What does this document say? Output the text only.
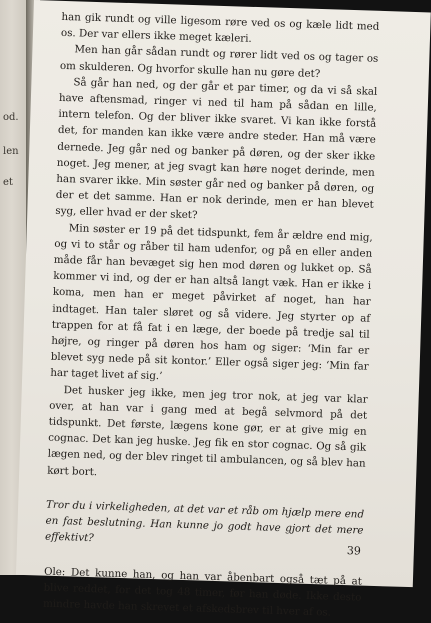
od.
len
et

han gik rundt og ville ligesom røre ved os og kæle lidt med os. Der var ellers ikke meget kæleri.

Men han går sådan rundt og rører lidt ved os og tager os om skulderen. Og hvorfor skulle han nu gøre det?

Så går han ned, og der går et par timer, og da vi så skal have aftensmad, ringer vi ned til ham på sådan en lille, intern telefon. Og der bliver ikke svaret. Vi kan ikke forstå det, for manden kan ikke være andre steder. Han må være dernede. Jeg går ned og banker på døren, og der sker ikke noget. Jeg mener, at jeg svagt kan høre noget derinde, men han svarer ikke. Min søster går ned og banker på døren, og der et det samme. Han er nok derinde, men er han blevet syg, eller hvad er der sket?

Min søster er 19 på det tidspunkt, fem år ældre end mig, og vi to står og råber til ham udenfor, og på en eller anden måde får han bevæget sig hen mod døren og lukket op. Så kommer vi ind, og der er han altså langt væk. Han er ikke i koma, men han er meget påvirket af noget, han har indtaget. Han taler sløret og så videre. Jeg styrter op af trappen for at få fat i en læge, der boede på tredje sal til højre, og ringer på døren hos ham og siger: ‘Min far er blevet syg nede på sit kontor.’ Eller også siger jeg: ‘Min far har taget livet af sig.’

Det husker jeg ikke, men jeg tror nok, at jeg var klar over, at han var i gang med at begå selvmord på det tidspunkt. Det første, lægens kone gør, er at give mig en cognac. Det kan jeg huske. Jeg fik en stor cognac. Og så gik lægen ned, og der blev ringet til ambulancen, og så blev han kørt bort.

Tror du i virkeligheden, at det var et råb om hjælp mere end en fast beslutning. Han kunne jo godt have gjort det mere effektivt?

Ole: Det kunne han, og han var åbenbart også tæt på at blive reddet, for det tog 48 timer, før han døde. Ikke desto mindre havde han skrevet et afskedsbrev til hver af os.

39
